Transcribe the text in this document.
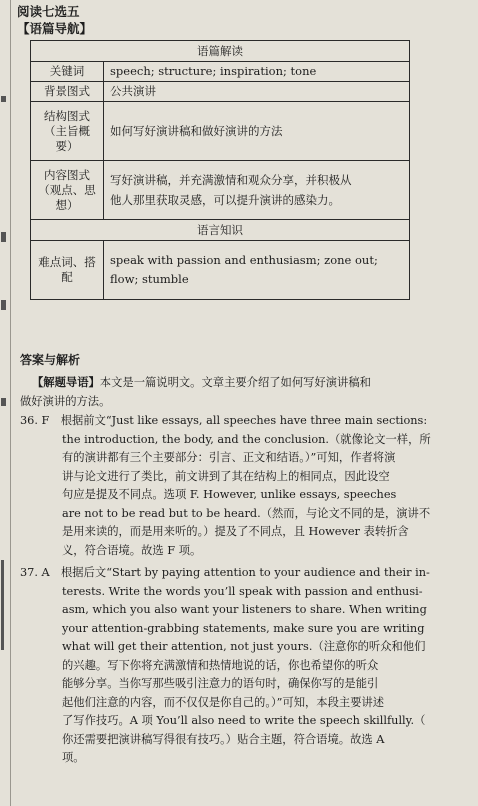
阅读七选五

【语篇导航】

语篇解读	
关键词	speech; structure; inspiration; tone
背景图式	公共演讲
结构图式
（主旨概要）	如何写好演讲稿和做好演讲的方法
内容图式
（观点、思想）	写好演讲稿，并充满激情和观众分享，并积极从
他人那里获取灵感，可以提升演讲的感染力。
语言知识	
难点词、搭配	speak with passion and enthusiasm; zone out;
flow; stumble

答案与解析

【解题导语】本文是一篇说明文。文章主要介绍了如何写好演讲稿和
做好演讲的方法。

36. F　根据前文“Just like essays, all speeches have three main sections:
the introduction, the body, and the conclusion.（就像论文一样，所
有的演讲都有三个主要部分：引言、正文和结语。）”可知，作者将演
讲与论文进行了类比，前文讲到了其在结构上的相同点，因此设空
句应是提及不同点。选项 F. However, unlike essays, speeches
are not to be read but to be heard.（然而，与论文不同的是，演讲不
是用来读的，而是用来听的。）提及了不同点，且 However 表转折含
义，符合语境。故选 F 项。

37. A　根据后文“Start by paying attention to your audience and their in-
terests. Write the words you’ll speak with passion and enthusi-
asm, which you also want your listeners to share. When writing
your attention-grabbing statements, make sure you are writing
what will get their attention, not just yours.（注意你的听众和他们
的兴趣。写下你将充满激情和热情地说的话，你也希望你的听众
能够分享。当你写那些吸引注意力的语句时，确保你写的是能引
起他们注意的内容，而不仅仅是你自己的。）”可知，本段主要讲述
了写作技巧。A 项 You’ll also need to write the speech skillfully.（
你还需要把演讲稿写得很有技巧。）贴合主题，符合语境。故选 A
项。
